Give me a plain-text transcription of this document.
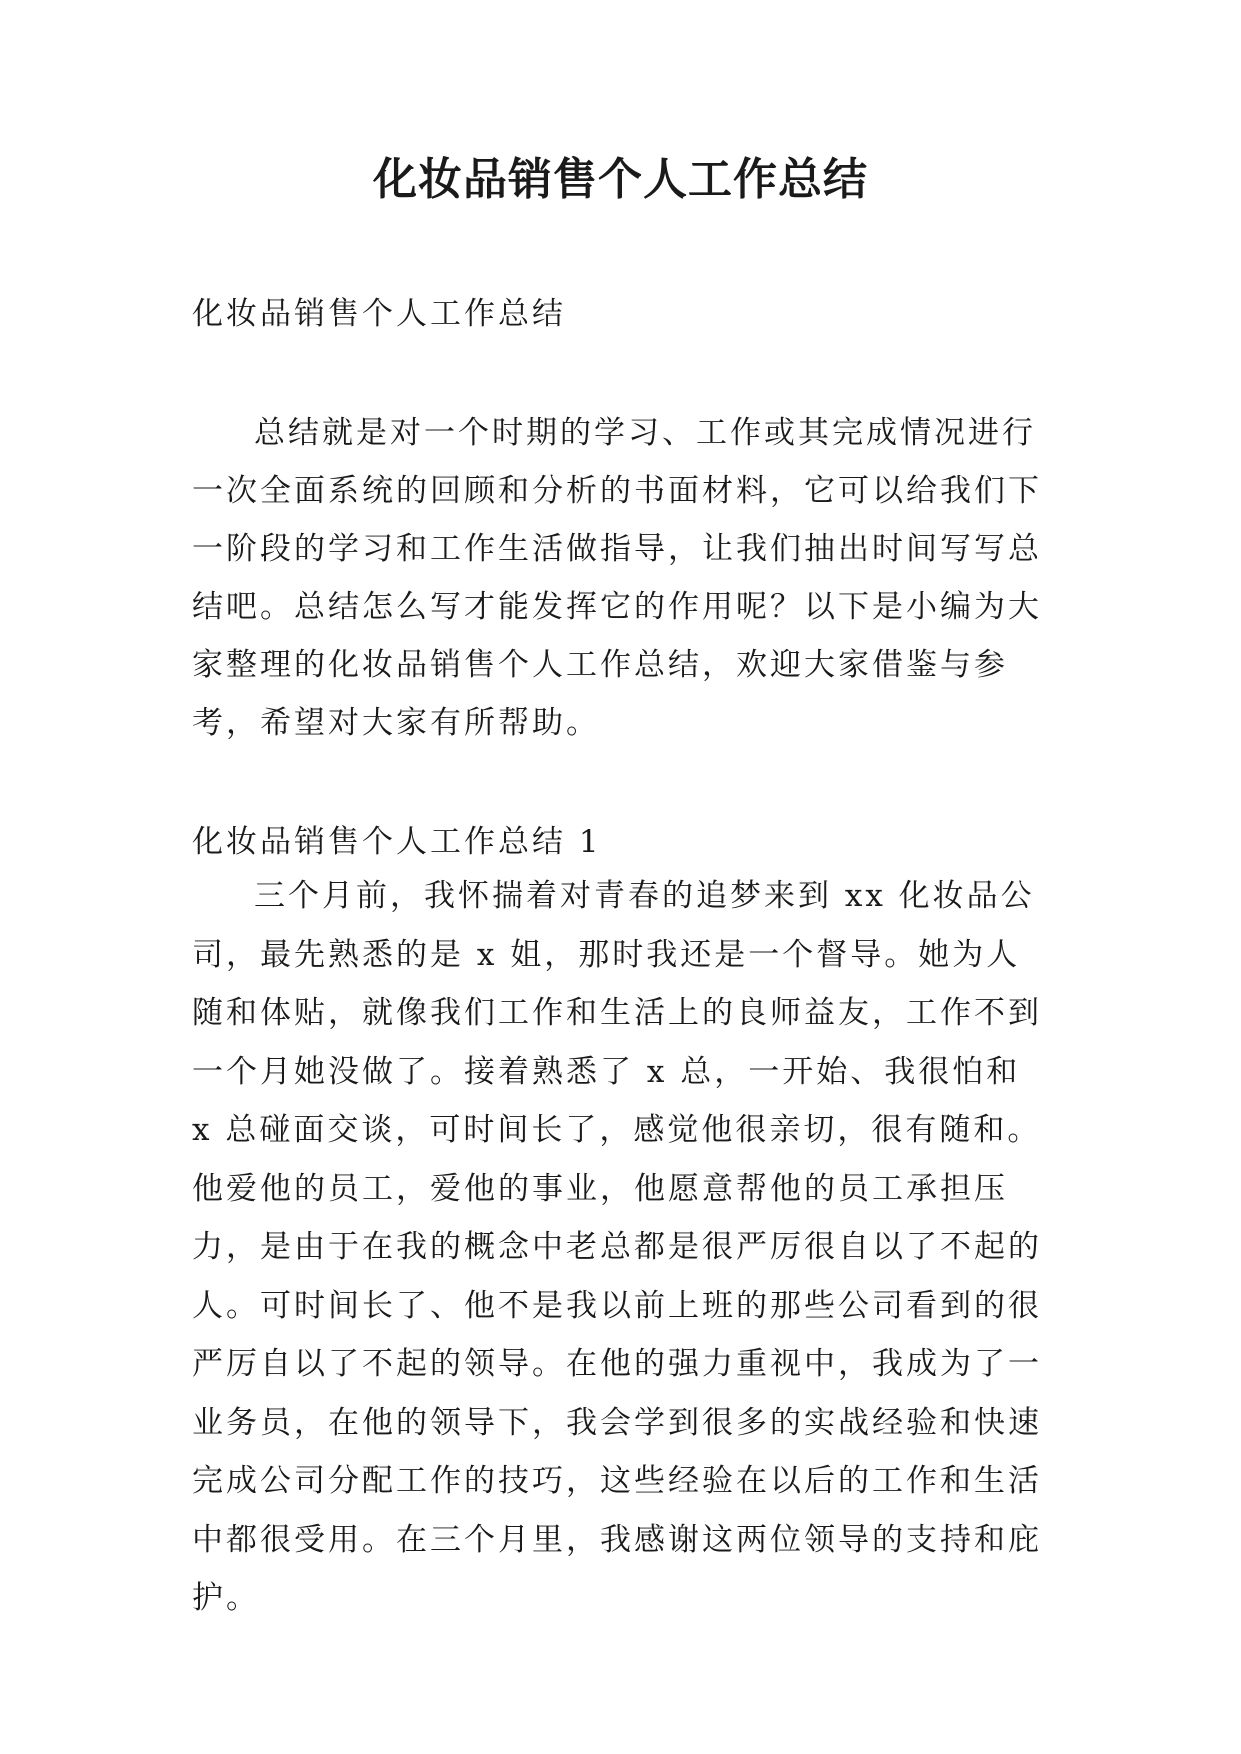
化妆品销售个人工作总结
化妆品销售个人工作总结

总结就是对一个时期的学习、工作或其完成情况进行一次全面系统的回顾和分析的书面材料，它可以给我们下一阶段的学习和工作生活做指导，让我们抽出时间写写总结吧。总结怎么写才能发挥它的作用呢？以下是小编为大家整理的化妆品销售个人工作总结，欢迎大家借鉴与参考，希望对大家有所帮助。

化妆品销售个人工作总结 1

三个月前，我怀揣着对青春的追梦来到 xx 化妆品公司，最先熟悉的是 x 姐，那时我还是一个督导。她为人随和体贴，就像我们工作和生活上的良师益友，工作不到一个月她没做了。接着熟悉了 x 总，一开始、我很怕和 x 总碰面交谈，可时间长了，感觉他很亲切，很有随和。他爱他的员工，爱他的事业，他愿意帮他的员工承担压力，是由于在我的概念中老总都是很严厉很自以了不起的人。可时间长了、他不是我以前上班的那些公司看到的很严厉自以了不起的领导。在他的强力重视中，我成为了一业务员，在他的领导下，我会学到很多的实战经验和快速完成公司分配工作的技巧，这些经验在以后的工作和生活中都很受用。在三个月里，我感谢这两位领导的支持和庇护。
